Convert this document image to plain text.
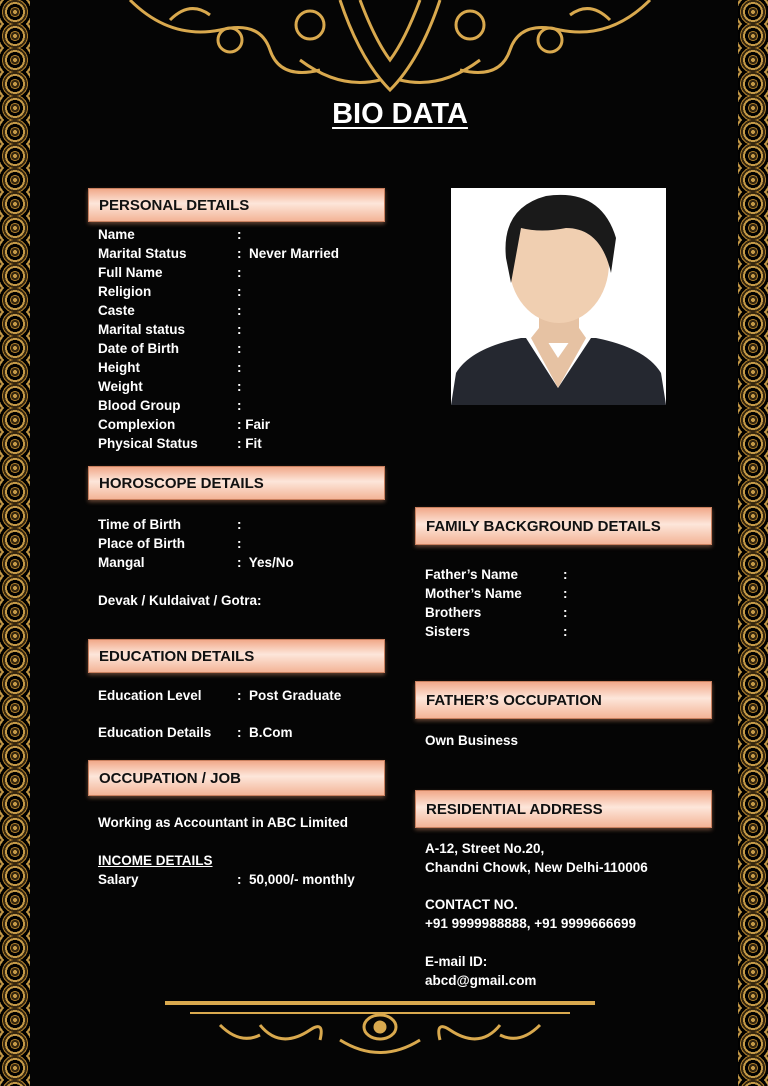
BIO DATA
PERSONAL DETAILS
Name	:
Marital Status	:  Never Married
Full Name	:
Religion	:
Caste	:
Marital status	:
Date of Birth	:
Height	:
Weight	:
Blood Group	:
Complexion	: Fair
Physical Status	: Fit
HOROSCOPE DETAILS
Time of Birth	:
Place of Birth	:
Mangal	:  Yes/No
Devak / Kuldaivat / Gotra:
EDUCATION DETAILS
Education Level	:  Post Graduate
Education Details :  B.Com
OCCUPATION / JOB
Working as Accountant in ABC Limited
INCOME DETAILS
Salary	:  50,000/- monthly
FAMILY BACKGROUND DETAILS
Father’s Name	:
Mother’s Name	:
Brothers	:
Sisters	:
FATHER’S OCCUPATION
Own Business
RESIDENTIAL ADDRESS
A-12, Street No.20,
Chandni Chowk, New Delhi-110006
CONTACT NO.
+91 9999988888, +91 9999666699
E-mail ID:
abcd@gmail.com
